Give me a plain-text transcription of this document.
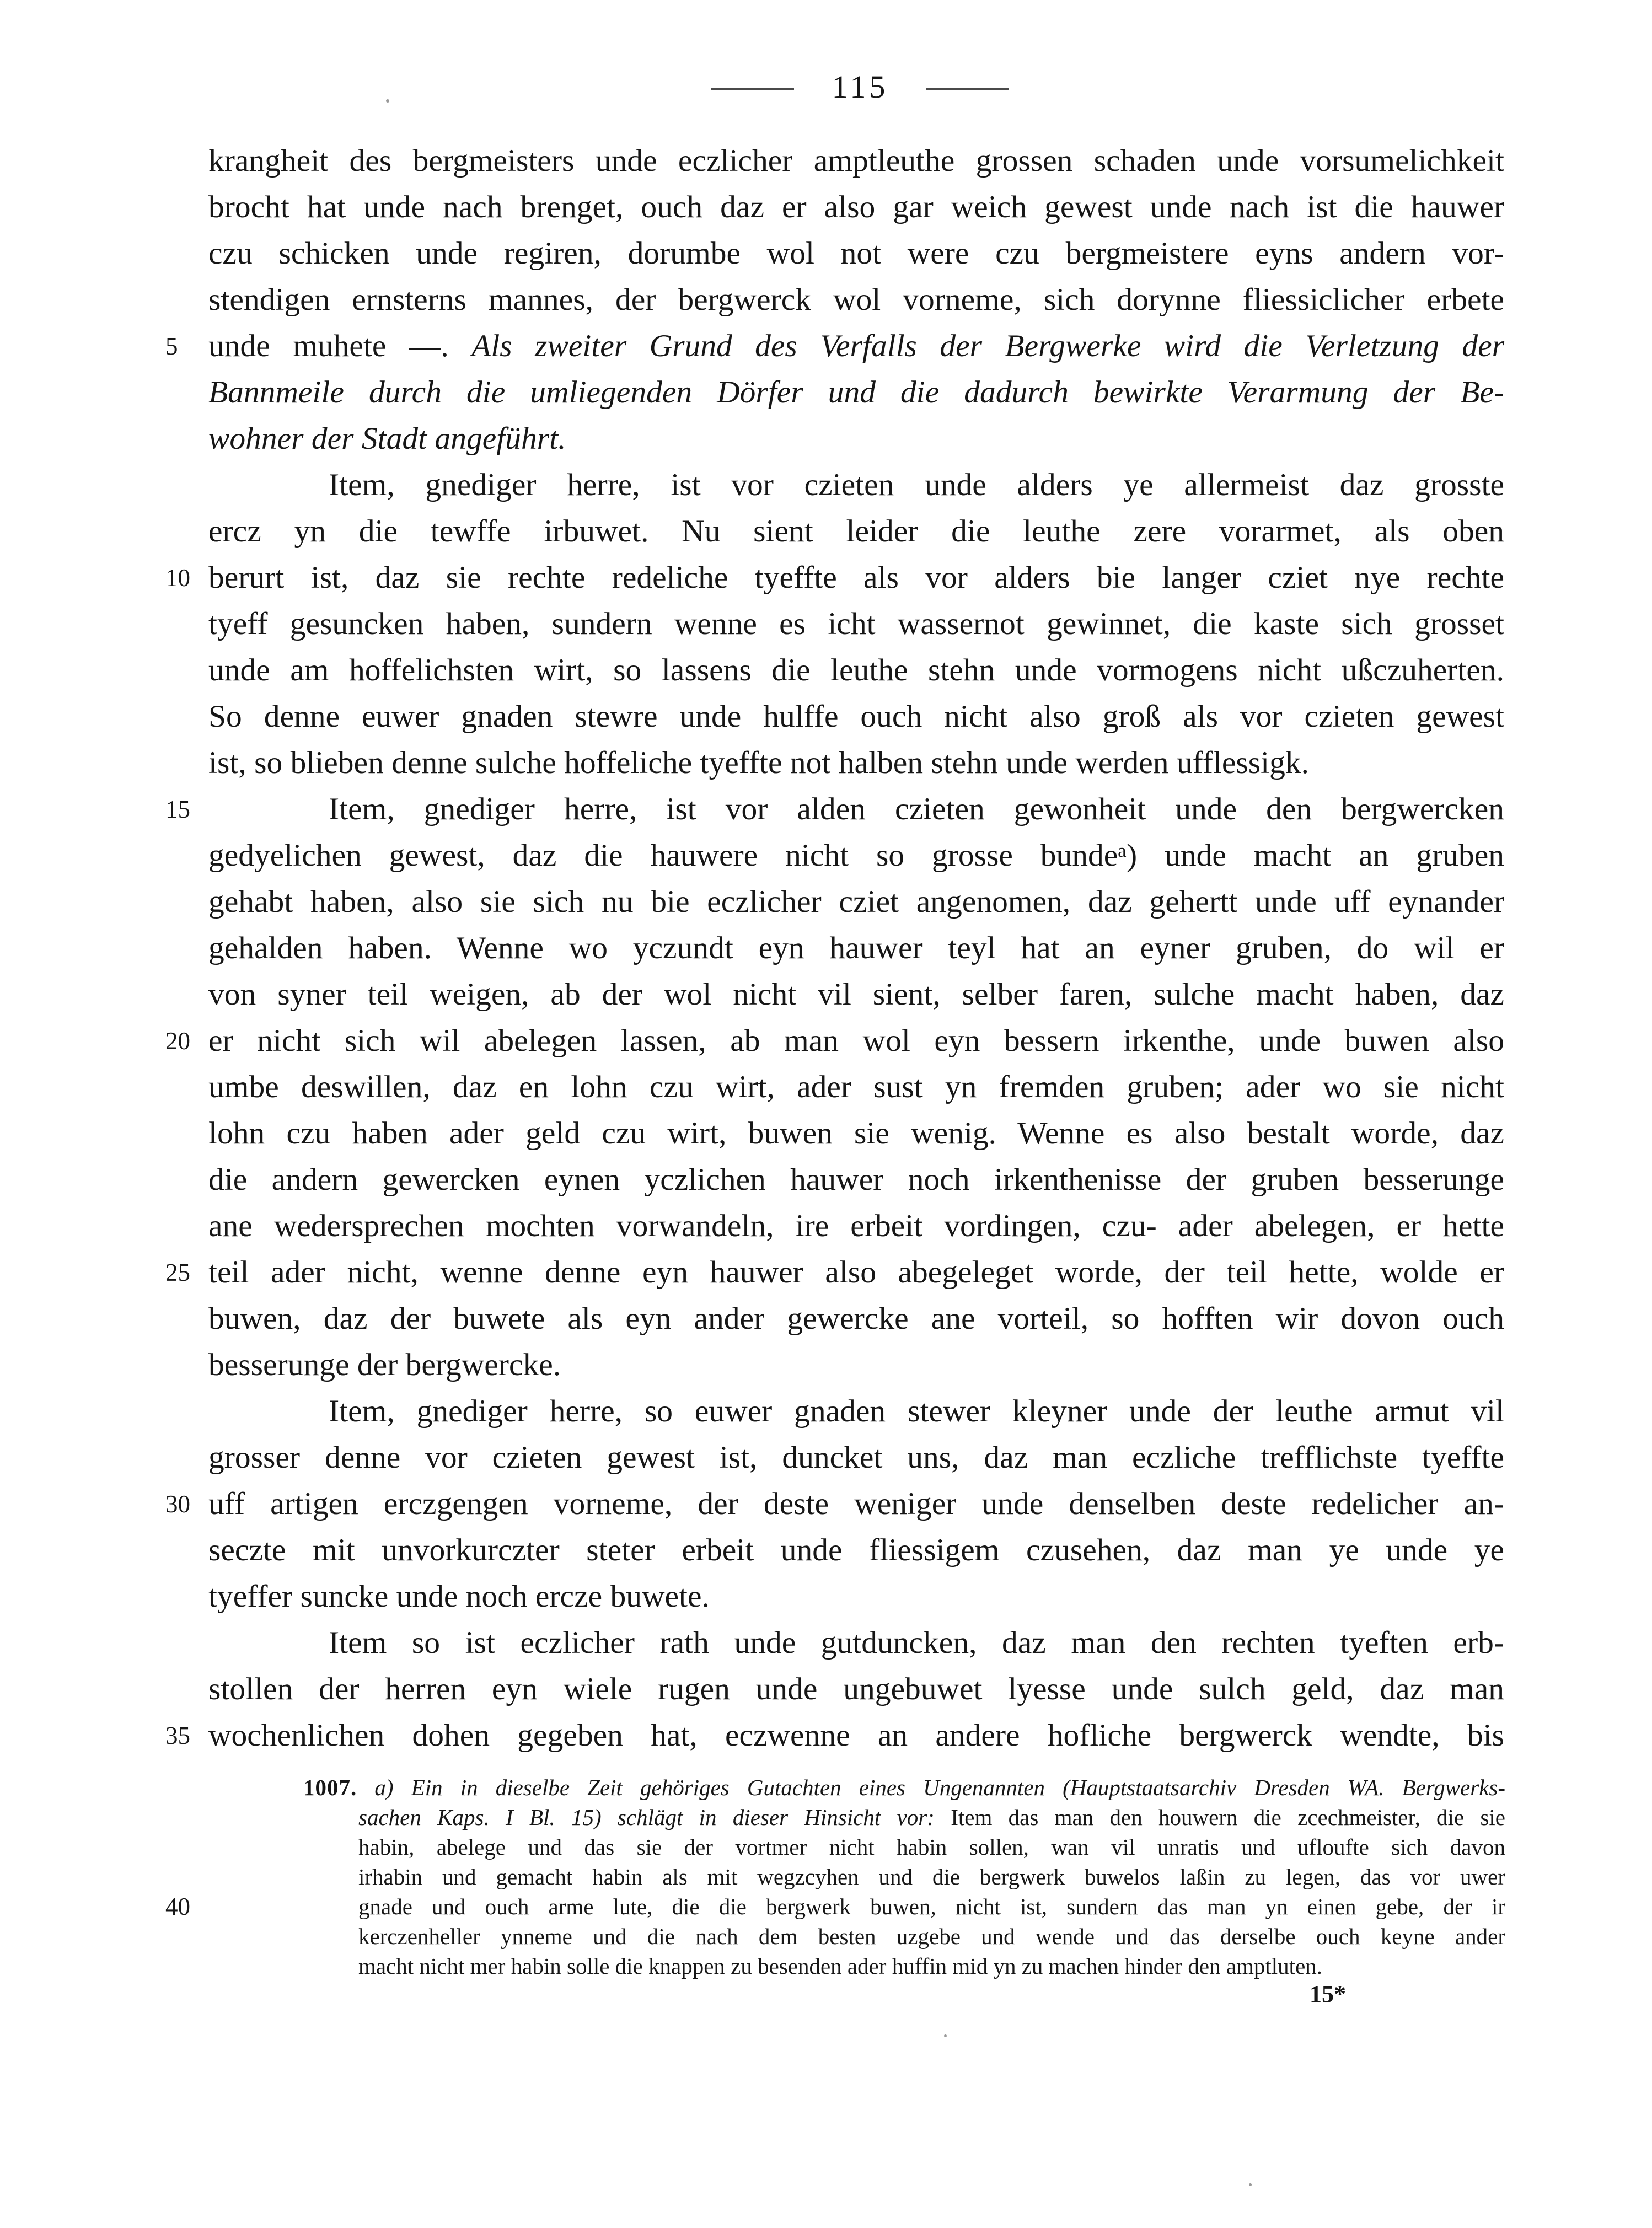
115
krangheit des bergmeisters unde eczlicher amptleuthe grossen schaden unde vorsumelichkeit
brocht hat unde nach brenget, ouch daz er also gar weich gewest unde nach ist die hauwer
czu schicken unde regiren, dorumbe wol not were czu bergmeistere eyns andern vor-
stendigen ernsterns mannes, der bergwerck wol vorneme, sich dorynne fliessiclicher erbete
unde muhete —. Als zweiter Grund des Verfalls der Bergwerke wird die Verletzung der
Bannmeile durch die umliegenden Dörfer und die dadurch bewirkte Verarmung der Be-
wohner der Stadt angeführt.
Item, gnediger herre, ist vor czieten unde alders ye allermeist daz grosste
ercz yn die tewffe irbuwet. Nu sient leider die leuthe zere vorarmet, als oben
berurt ist, daz sie rechte redeliche tyeffte als vor alders bie langer cziet nye rechte
tyeff gesuncken haben, sundern wenne es icht wassernot gewinnet, die kaste sich grosset
unde am hoffelichsten wirt, so lassens die leuthe stehn unde vormogens nicht ußczuherten.
So denne euwer gnaden stewre unde hulffe ouch nicht also groß als vor czieten gewest
ist, so blieben denne sulche hoffeliche tyeffte not halben stehn unde werden ufflessigk.
Item, gnediger herre, ist vor alden czieten gewonheit unde den bergwercken
gedyelichen gewest, daz die hauwere nicht so grosse bundeᵃ) unde macht an gruben
gehabt haben, also sie sich nu bie eczlicher cziet angenomen, daz gehertt unde uff eynander
gehalden haben. Wenne wo yczundt eyn hauwer teyl hat an eyner gruben, do wil er
von syner teil weigen, ab der wol nicht vil sient, selber faren, sulche macht haben, daz
er nicht sich wil abelegen lassen, ab man wol eyn bessern irkenthe, unde buwen also
umbe deswillen, daz en lohn czu wirt, ader sust yn fremden gruben; ader wo sie nicht
lohn czu haben ader geld czu wirt, buwen sie wenig. Wenne es also bestalt worde, daz
die andern gewercken eynen yczlichen hauwer noch irkenthenisse der gruben besserunge
ane wedersprechen mochten vorwandeln, ire erbeit vordingen, czu- ader abelegen, er hette
teil ader nicht, wenne denne eyn hauwer also abegeleget worde, der teil hette, wolde er
buwen, daz der buwete als eyn ander gewercke ane vorteil, so hofften wir dovon ouch
besserunge der bergwercke.
Item, gnediger herre, so euwer gnaden stewer kleyner unde der leuthe armut vil
grosser denne vor czieten gewest ist, duncket uns, daz man eczliche trefflichste tyeffte
uff artigen erczgengen vorneme, der deste weniger unde denselben deste redelicher an-
seczte mit unvorkurczter steter erbeit unde fliessigem czusehen, daz man ye unde ye
tyeffer suncke unde noch ercze buwete.
Item so ist eczlicher rath unde gutduncken, daz man den rechten tyeften erb-
stollen der herren eyn wiele rugen unde ungebuwet lyesse unde sulch geld, daz man
wochenlichen dohen gegeben hat, eczwenne an andere hofliche bergwerck wendte, bis
5
10
15
20
25
30
35
1007. a) Ein in dieselbe Zeit gehöriges Gutachten eines Ungenannten (Hauptstaatsarchiv Dresden WA. Bergwerks-
sachen Kaps. I Bl. 15) schlägt in dieser Hinsicht vor: Item das man den houwern die zcechmeister, die sie
habin, abelege und das sie der vortmer nicht habin sollen, wan vil unratis und ufloufte sich davon
irhabin und gemacht habin als mit wegzcyhen und die bergwerk buwelos laßin zu legen, das vor uwer
gnade und ouch arme lute, die die bergwerk buwen, nicht ist, sundern das man yn einen gebe, der ir
kerczenheller ynneme und die nach dem besten uzgebe und wende und das derselbe ouch keyne ander
macht nicht mer habin solle die knappen zu besenden ader huffin mid yn zu machen hinder den amptluten.
40
15*
